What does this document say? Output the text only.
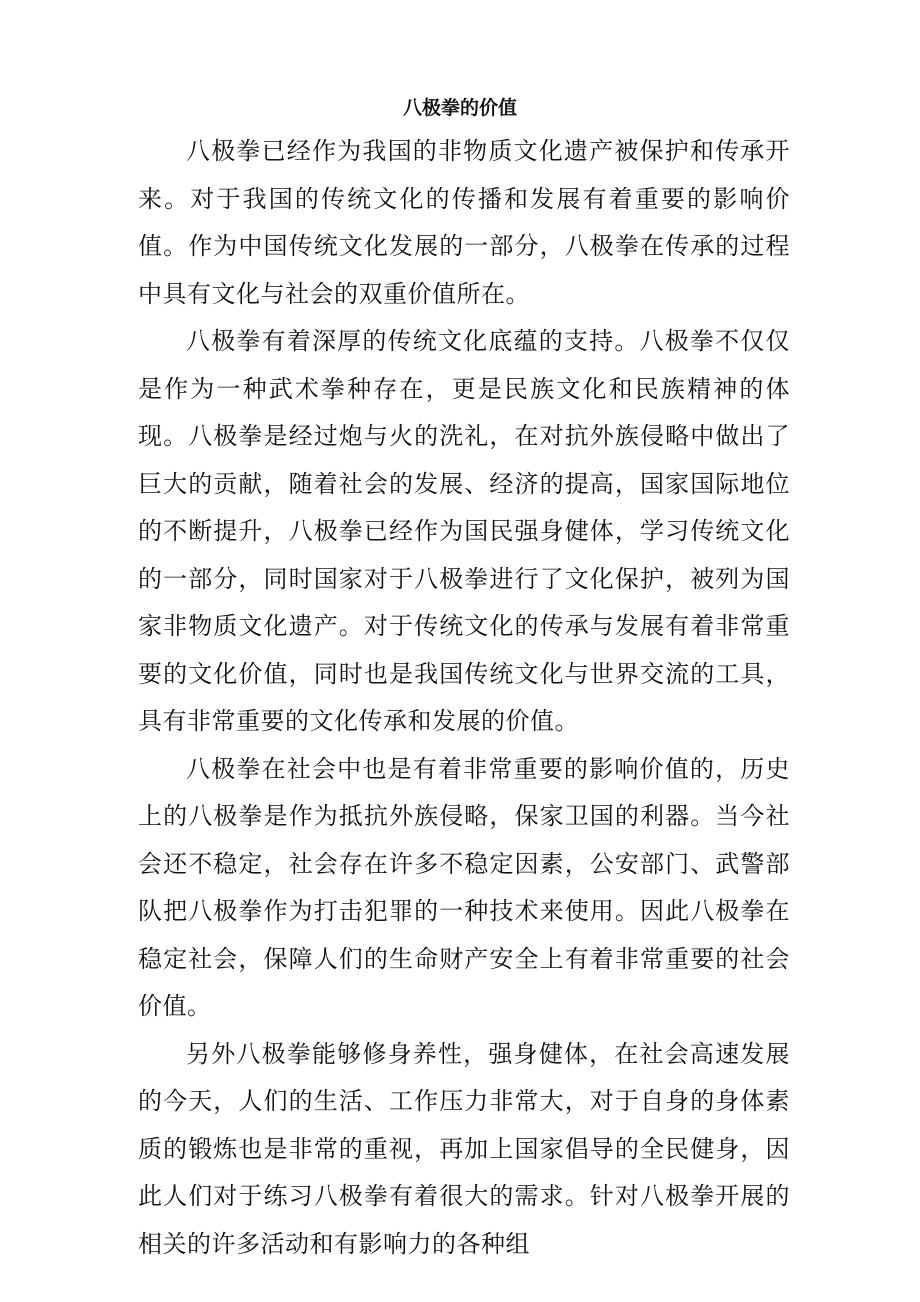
八极拳的价值

八极拳已经作为我国的非物质文化遗产被保护和传承开来。对于我国的传统文化的传播和发展有着重要的影响价值。作为中国传统文化发展的一部分，八极拳在传承的过程中具有文化与社会的双重价值所在。

八极拳有着深厚的传统文化底蕴的支持。八极拳不仅仅是作为一种武术拳种存在，更是民族文化和民族精神的体现。八极拳是经过炮与火的洗礼，在对抗外族侵略中做出了巨大的贡献，随着社会的发展、经济的提高，国家国际地位的不断提升，八极拳已经作为国民强身健体，学习传统文化的一部分，同时国家对于八极拳进行了文化保护，被列为国家非物质文化遗产。对于传统文化的传承与发展有着非常重要的文化价值，同时也是我国传统文化与世界交流的工具，具有非常重要的文化传承和发展的价值。

八极拳在社会中也是有着非常重要的影响价值的，历史上的八极拳是作为抵抗外族侵略，保家卫国的利器。当今社会还不稳定，社会存在许多不稳定因素，公安部门、武警部队把八极拳作为打击犯罪的一种技术来使用。因此八极拳在稳定社会，保障人们的生命财产安全上有着非常重要的社会价值。

另外八极拳能够修身养性，强身健体，在社会高速发展的今天，人们的生活、工作压力非常大，对于自身的身体素质的锻炼也是非常的重视，再加上国家倡导的全民健身，因此人们对于练习八极拳有着很大的需求。针对八极拳开展的相关的许多活动和有影响力的各种组
